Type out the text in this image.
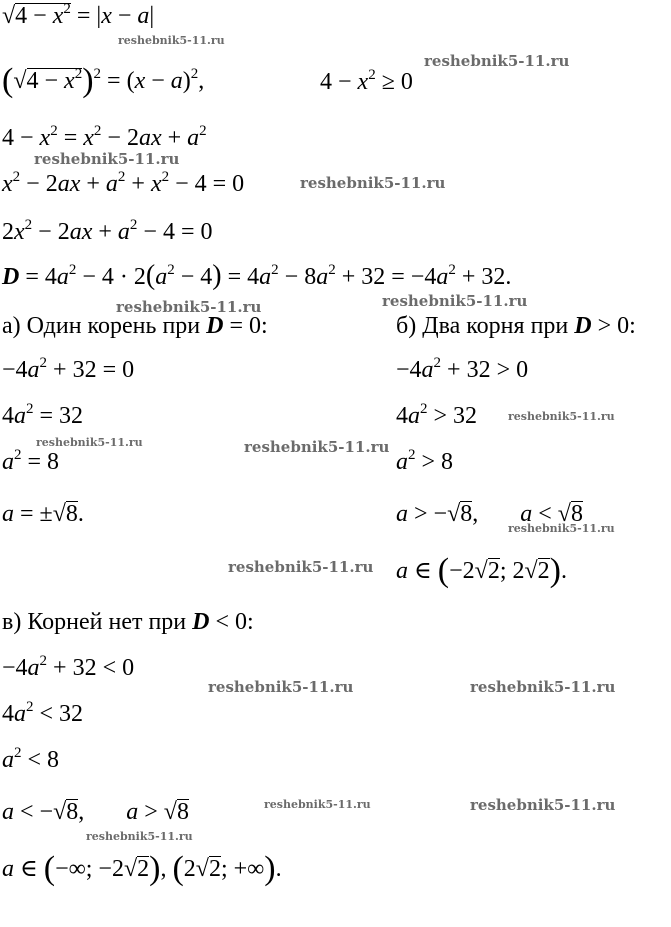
$√4 - x^2 = |x - a|$
$(√4 - x^2)^2 = (x - a)^2$,	$4 - x^2 \ge 0$
$4 - x^2 = x^2 - 2ax + a^2$
$x^2 - 2ax + a^2 + x^2 - 4 = 0$
$2x^2 - 2ax + a^2 - 4 = 0$
$D = 4a^2 - 4 \cdot 2(a^2 - 4) = 4a^2 - 8a^2 + 32 = -4a^2 + 32$.
а) Один корень при D = 0:
$-4a^2 + 32 = 0$
$4a^2 = 32$
$a^2 = 8$
a = ±√8.
б) Два корня при D > 0:
$-4a^2 + 32 > 0$
$4a^2 > 32$
$a^2 > 8$
a > −√8,       a < √8
a ∈ (−2√2; 2√2).
в) Корней нет при D < 0:
$-4a^2 + 32 < 0$
$4a^2 < 32$
$a^2 < 8$
a < −√8,       a > √8
a ∈ (−∞; −2√2), (2√2; +∞).
reshebnik5-11.ru
reshebnik5-11.ru
reshebnik5-11.ru
reshebnik5-11.ru
reshebnik5-11.ru	reshebnik5-11.ru
reshebnik5-11.ru
reshebnik5-11.ru	reshebnik5-11.ru
reshebnik5-11.ru
reshebnik5-11.ru
reshebnik5-11.ru	reshebnik5-11.ru
reshebnik5-11.ru	reshebnik5-11.ru
reshebnik5-11.ru
